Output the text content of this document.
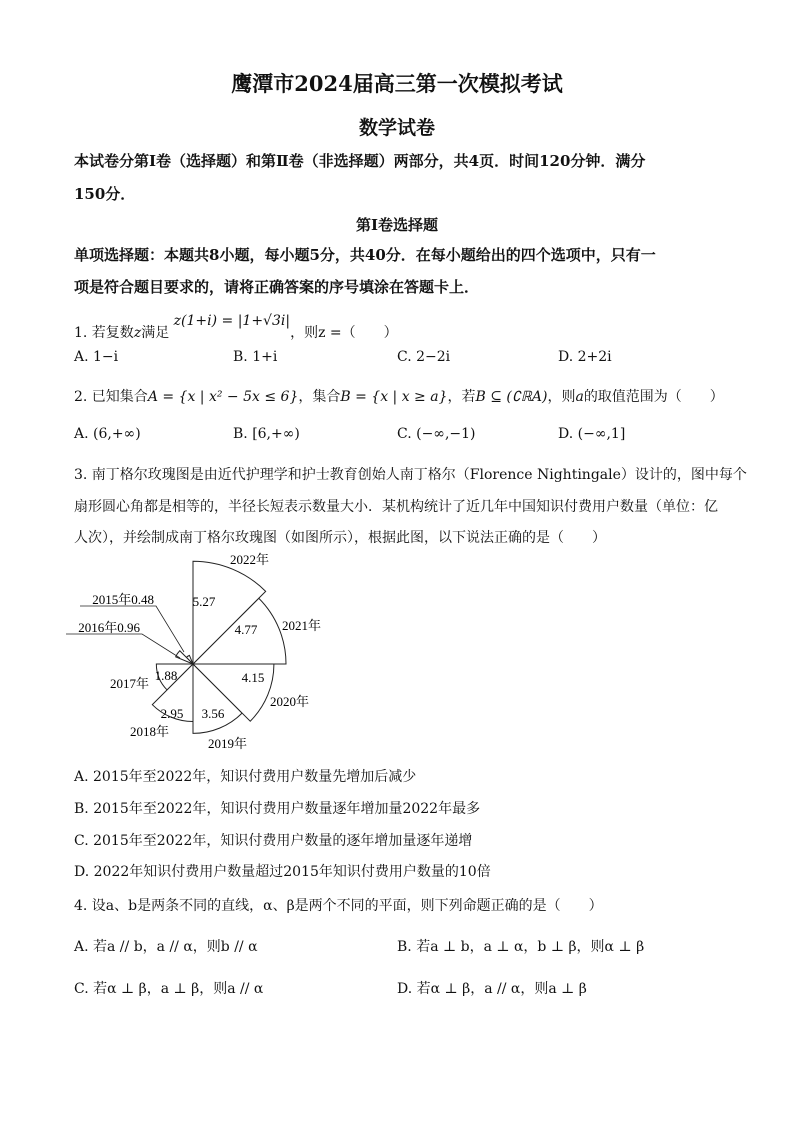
鹰潭市2024届高三第一次模拟考试
数学试卷
本试卷分第Ⅰ卷（选择题）和第Ⅱ卷（非选择题）两部分，共4页．时间120分钟．满分
150分．
第Ⅰ卷选择题
单项选择题：本题共8小题，每小题5分，共40分．在每小题给出的四个选项中，只有一
项是符合题目要求的，请将正确答案的序号填涂在答题卡上．
1. 若复数z满足 z(1+i) = |1+√3i|，则z =（　　）
A. 1−i	B. 1+i	C. 2−2i	D. 2+2i
2. 已知集合A = {x | x² − 5x ≤ 6}，集合B = {x | x ≥ a}，若B ⊆ (∁ℝA)，则a的取值范围为（　　）
A. (6,+∞)	B. [6,+∞)	C. (−∞,−1)	D. (−∞,1]
3. 南丁格尔玫瑰图是由近代护理学和护士教育创始人南丁格尔（Florence Nightingale）设计的，图中每个
扇形圆心角都是相等的，半径长短表示数量大小．某机构统计了近几年中国知识付费用户数量（单位：亿
人次），并绘制成南丁格尔玫瑰图（如图所示），根据此图，以下说法正确的是（　　）
2015年0.48
2016年0.96
1.88
2.95 3.56
4.15
4.77
5.27
2017年
2018年
2019年
2020年
2021年
2022年
A. 2015年至2022年，知识付费用户数量先增加后减少
B. 2015年至2022年，知识付费用户数量逐年增加量2022年最多
C. 2015年至2022年，知识付费用户数量的逐年增加量逐年递增
D. 2022年知识付费用户数量超过2015年知识付费用户数量的10倍
4. 设a、b是两条不同的直线，α、β是两个不同的平面，则下列命题正确的是（　　）
A. 若a // b，a // α，则b // α	B. 若a ⊥ b，a ⊥ α，b ⊥ β，则α ⊥ β
C. 若α ⊥ β，a ⊥ β，则a // α	D. 若α ⊥ β，a // α，则a ⊥ β
